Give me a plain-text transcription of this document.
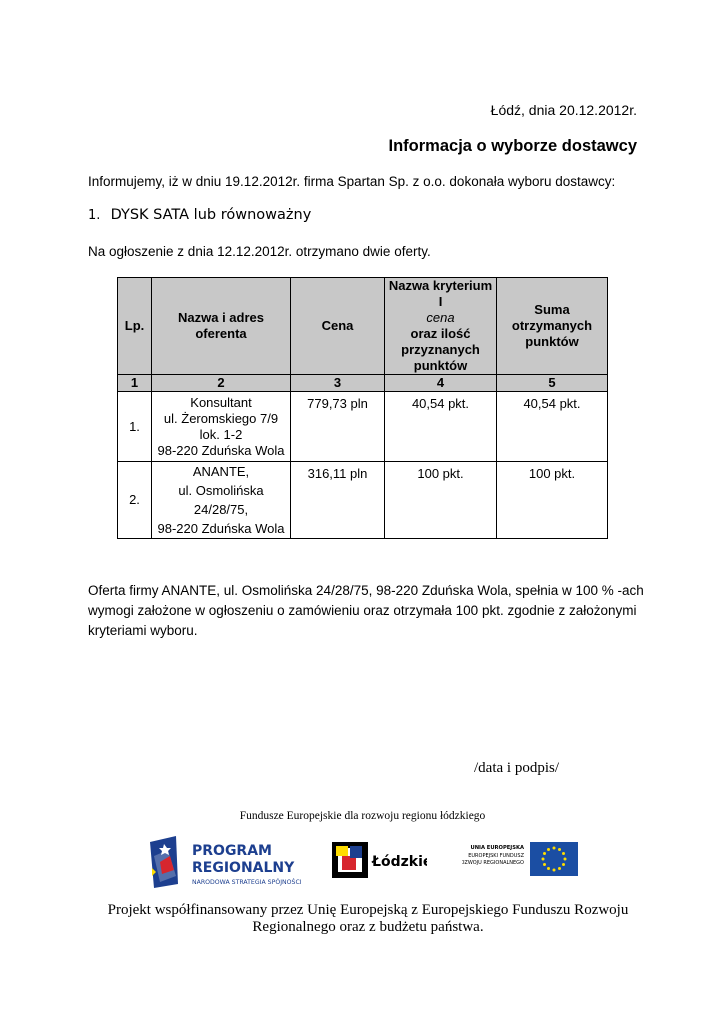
Łódź, dnia 20.12.2012r.
Informacja o wyborze dostawcy
Informujemy, iż w dniu 19.12.2012r. firma Spartan Sp. z o.o. dokonała wyboru dostawcy:
1. DYSK SATA lub równoważny
Na ogłoszenie z dnia 12.12.2012r. otrzymano dwie oferty.
Lp.	Nazwa i adres oferenta	Cena	Nazwa kryterium I
cena
oraz ilość przyznanych punktów	Suma otrzymanych punktów
1	2	3	4	5
1.	Konsultant
ul. Żeromskiego 7/9
lok. 1-2
98-220 Zduńska Wola	779,73 pln	40,54 pkt.	40,54 pkt.
2.	ANANTE,
ul. Osmolińska
24/28/75,
98-220 Zduńska Wola	316,11 pln	100 pkt.	100 pkt.
Oferta firmy ANANTE, ul. Osmolińska 24/28/75, 98-220 Zduńska Wola, spełnia w 100 % -ach wymogi założone w ogłoszeniu o zamówieniu oraz otrzymała 100 pkt. zgodnie z założonymi kryteriami wyboru.
/data i podpis/
Fundusze Europejskie dla rozwoju regionu łódzkiego
PROGRAM
REGIONALNY
NARODOWA STRATEGIA SPÓJNOŚCI
Łódzkie
UNIA EUROPEJSKA
EUROPEJSKI FUNDUSZ
ROZWOJU REGIONALNEGO
Projekt współfinansowany przez Unię Europejską z Europejskiego Funduszu Rozwoju
Regionalnego oraz z budżetu państwa.
